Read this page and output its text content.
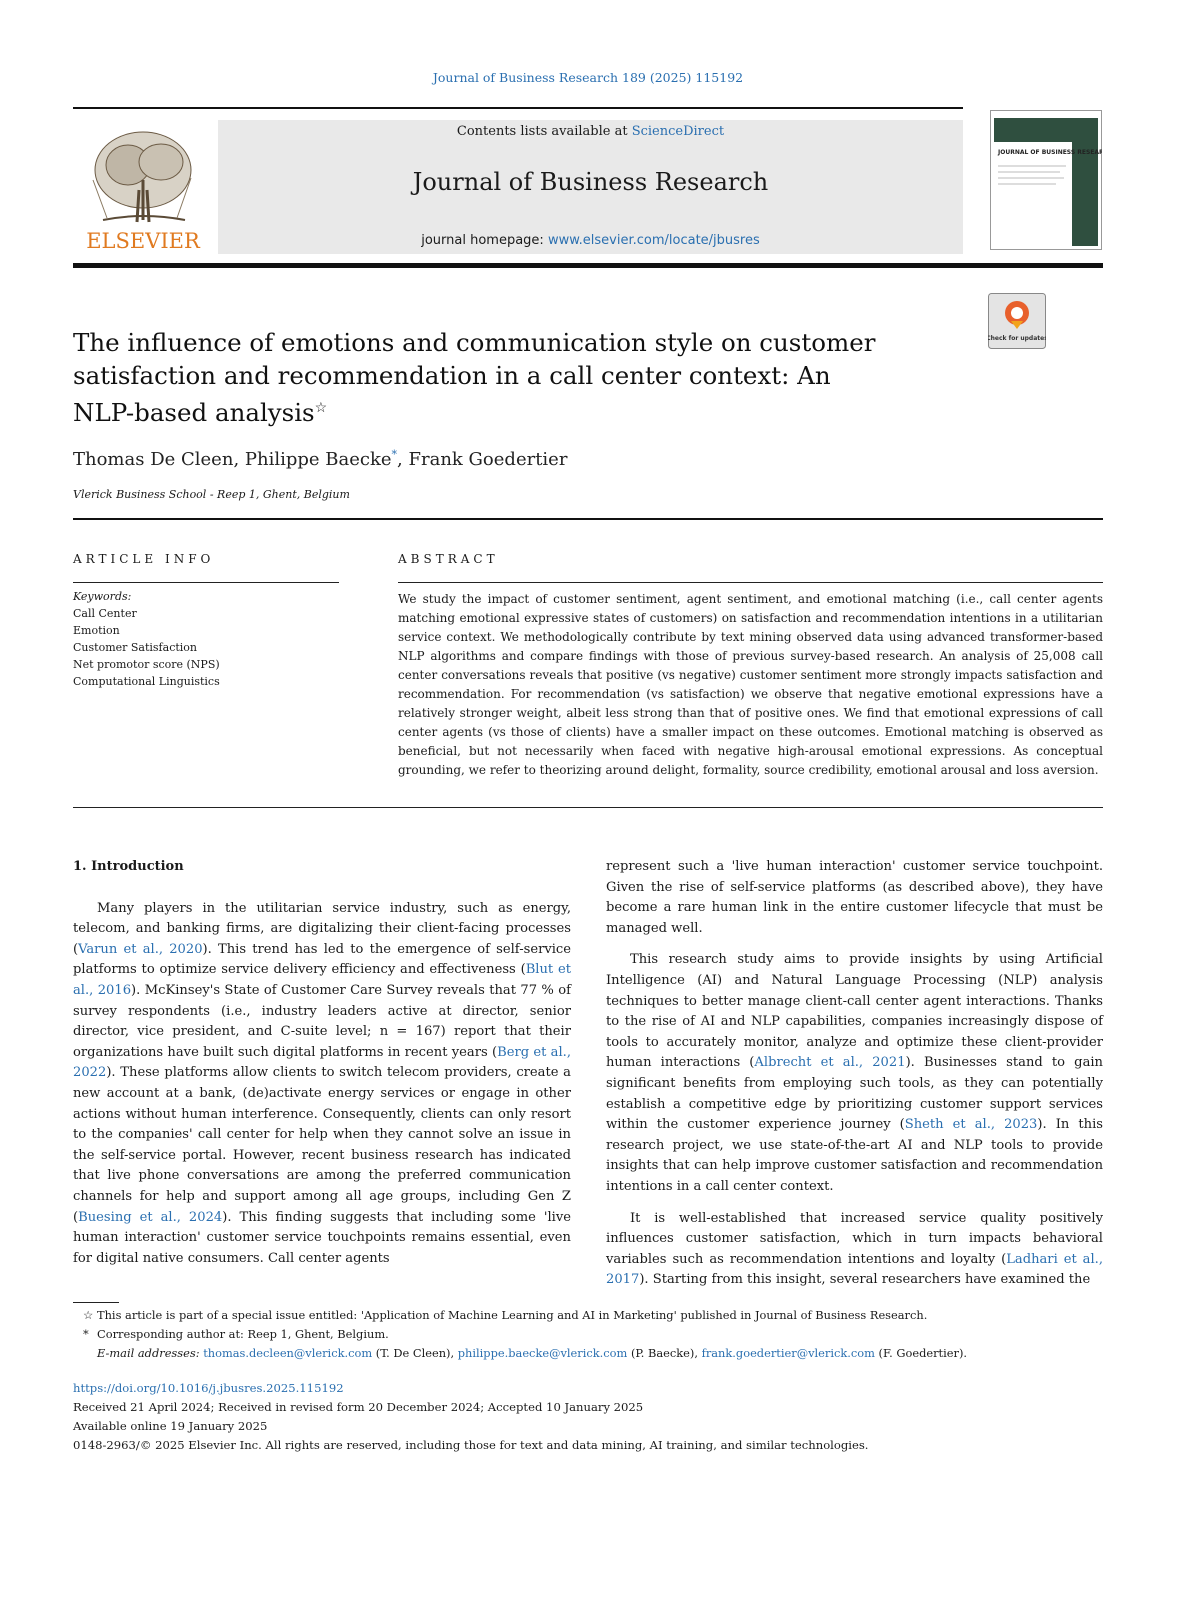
Journal of Business Research 189 (2025) 115192
ELSEVIER
Contents lists available at ScienceDirect
Journal of Business Research
journal homepage: www.elsevier.com/locate/jbusres
JOURNAL OF BUSINESS RESEARCH
Check for updates
The influence of emotions and communication style on customer satisfaction and recommendation in a call center context: An NLP-based analysis☆
Thomas De Cleen, Philippe Baecke*, Frank Goedertier
Vlerick Business School - Reep 1, Ghent, Belgium
ARTICLE INFO
Keywords:
Call Center
Emotion
Customer Satisfaction
Net promotor score (NPS)
Computational Linguistics
ABSTRACT
We study the impact of customer sentiment, agent sentiment, and emotional matching (i.e., call center agents matching emotional expressive states of customers) on satisfaction and recommendation intentions in a utilitarian service context. We methodologically contribute by text mining observed data using advanced transformer-based NLP algorithms and compare findings with those of previous survey-based research. An analysis of 25,008 call center conversations reveals that positive (vs negative) customer sentiment more strongly impacts satisfaction and recommendation. For recommendation (vs satisfaction) we observe that negative emotional expressions have a relatively stronger weight, albeit less strong than that of positive ones. We find that emotional expressions of call center agents (vs those of clients) have a smaller impact on these outcomes. Emotional matching is observed as beneficial, but not necessarily when faced with negative high-arousal emotional expressions. As conceptual grounding, we refer to theorizing around delight, formality, source credibility, emotional arousal and loss aversion.

1. Introduction

Many players in the utilitarian service industry, such as energy, telecom, and banking firms, are digitalizing their client-facing processes (Varun et al., 2020). This trend has led to the emergence of self-service platforms to optimize service delivery efficiency and effectiveness (Blut et al., 2016). McKinsey's State of Customer Care Survey reveals that 77 % of survey respondents (i.e., industry leaders active at director, senior director, vice president, and C-suite level; n = 167) report that their organizations have built such digital platforms in recent years (Berg et al., 2022). These platforms allow clients to switch telecom providers, create a new account at a bank, (de)activate energy services or engage in other actions without human interference. Consequently, clients can only resort to the companies' call center for help when they cannot solve an issue in the self-service portal. However, recent business research has indicated that live phone conversations are among the preferred communication channels for help and support among all age groups, including Gen Z (Buesing et al., 2024). This finding suggests that including some 'live human interaction' customer service touchpoints remains essential, even for digital native consumers. Call center agents

represent such a 'live human interaction' customer service touchpoint. Given the rise of self-service platforms (as described above), they have become a rare human link in the entire customer lifecycle that must be managed well.

This research study aims to provide insights by using Artificial Intelligence (AI) and Natural Language Processing (NLP) analysis techniques to better manage client-call center agent interactions. Thanks to the rise of AI and NLP capabilities, companies increasingly dispose of tools to accurately monitor, analyze and optimize these client-provider human interactions (Albrecht et al., 2021). Businesses stand to gain significant benefits from employing such tools, as they can potentially establish a competitive edge by prioritizing customer support services within the customer experience journey (Sheth et al., 2023). In this research project, we use state-of-the-art AI and NLP tools to provide insights that can help improve customer satisfaction and recommendation intentions in a call center context.

It is well-established that increased service quality positively influences customer satisfaction, which in turn impacts behavioral variables such as recommendation intentions and loyalty (Ladhari et al., 2017). Starting from this insight, several researchers have examined the

☆ This article is part of a special issue entitled: 'Application of Machine Learning and AI in Marketing' published in Journal of Business Research.
* Corresponding author at: Reep 1, Ghent, Belgium.
E-mail addresses: thomas.decleen@vlerick.com (T. De Cleen), philippe.baecke@vlerick.com (P. Baecke), frank.goedertier@vlerick.com (F. Goedertier).
https://doi.org/10.1016/j.jbusres.2025.115192
Received 21 April 2024; Received in revised form 20 December 2024; Accepted 10 January 2025
Available online 19 January 2025
0148-2963/© 2025 Elsevier Inc. All rights are reserved, including those for text and data mining, AI training, and similar technologies.
